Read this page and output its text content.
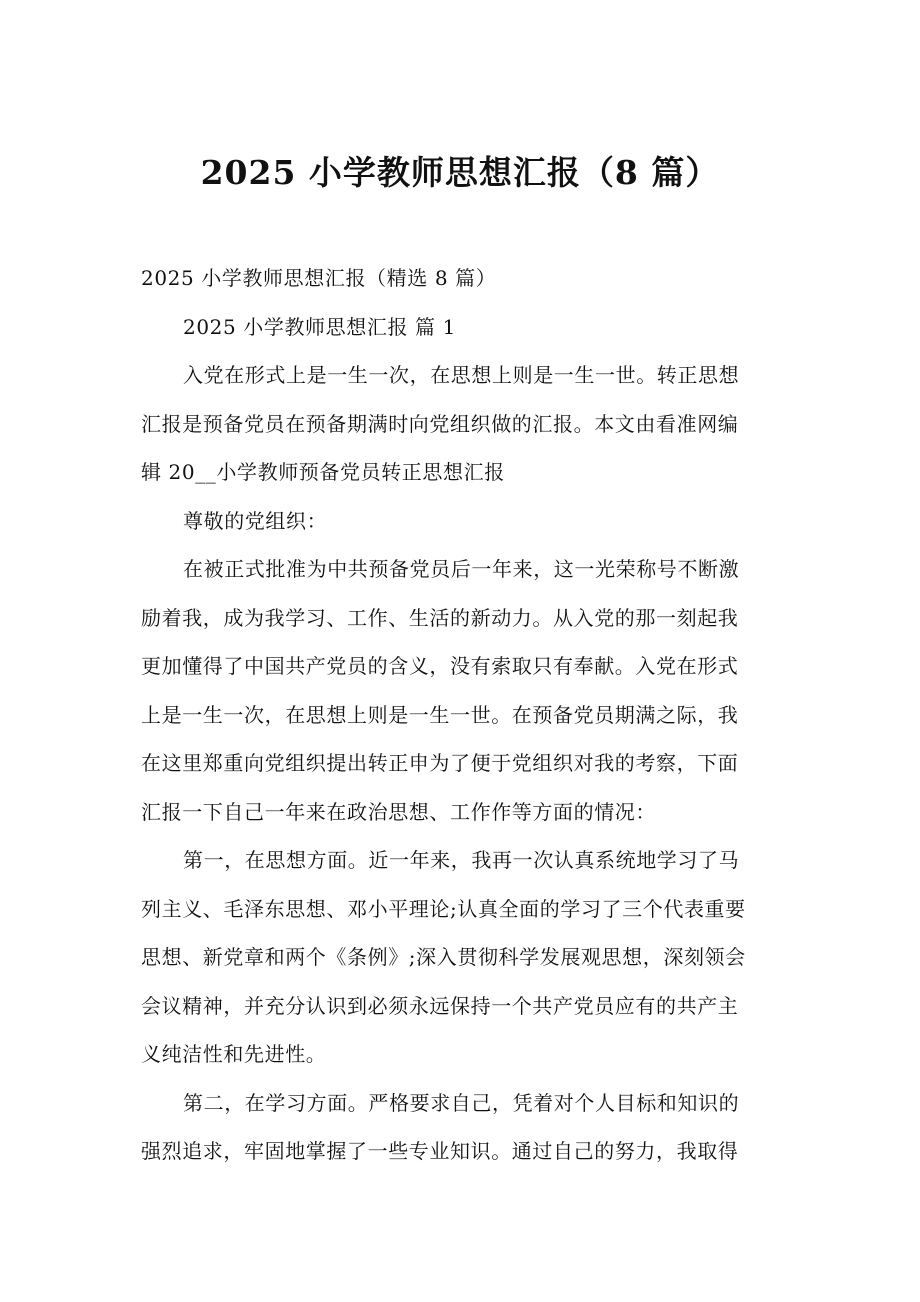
2025 小学教师思想汇报（8 篇）

2025 小学教师思想汇报（精选 8 篇）

2025 小学教师思想汇报 篇 1

入党在形式上是一生一次，在思想上则是一生一世。转正思想
汇报是预备党员在预备期满时向党组织做的汇报。本文由看准网编
辑 20__小学教师预备党员转正思想汇报

尊敬的党组织：

在被正式批准为中共预备党员后一年来，这一光荣称号不断激
励着我，成为我学习、工作、生活的新动力。从入党的那一刻起我
更加懂得了中国共产党员的含义，没有索取只有奉献。入党在形式
上是一生一次，在思想上则是一生一世。在预备党员期满之际，我
在这里郑重向党组织提出转正申为了便于党组织对我的考察，下面
汇报一下自己一年来在政治思想、工作作等方面的情况：

第一，在思想方面。近一年来，我再一次认真系统地学习了马
列主义、毛泽东思想、邓小平理论;认真全面的学习了三个代表重要
思想、新党章和两个《条例》;深入贯彻科学发展观思想，深刻领会
会议精神，并充分认识到必须永远保持一个共产党员应有的共产主
义纯洁性和先进性。

第二，在学习方面。严格要求自己，凭着对个人目标和知识的
强烈追求，牢固地掌握了一些专业知识。通过自己的努力，我取得
